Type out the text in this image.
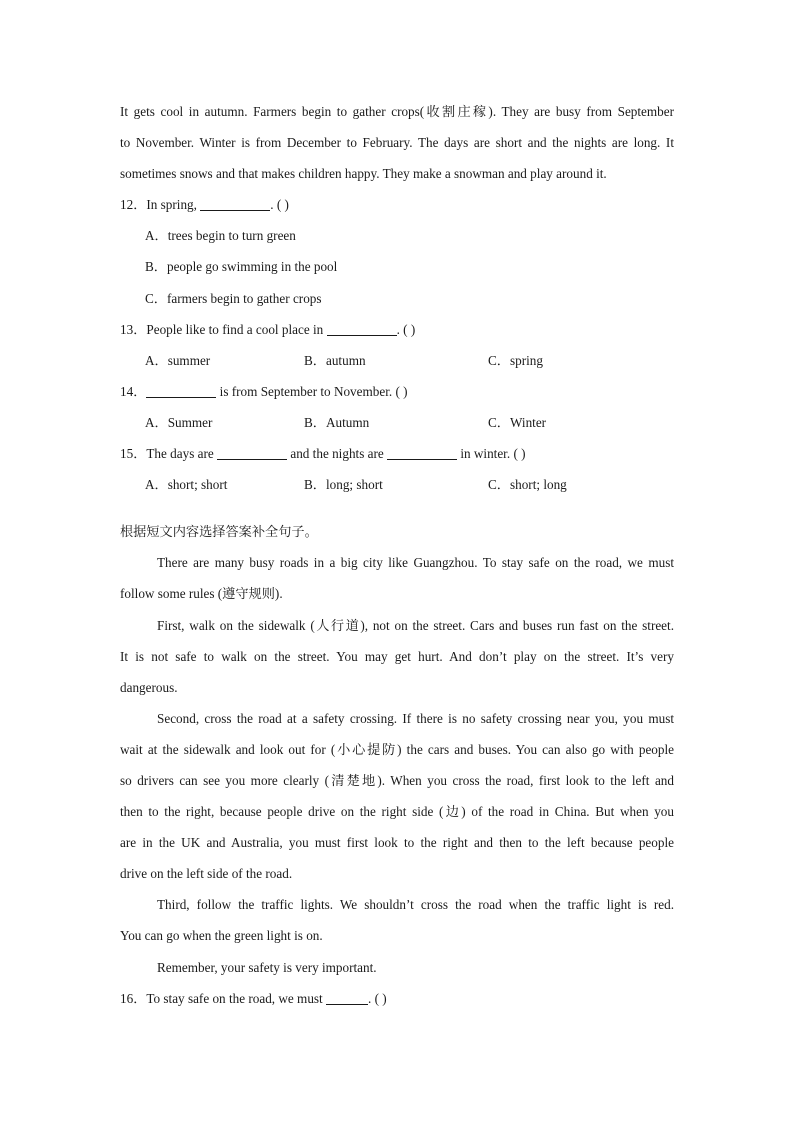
It gets cool in autumn. Farmers begin to gather crops(收割庄稼). They are busy from September
to November. Winter is from December to February. The days are short and the nights are long. It
sometimes snows and that makes children happy. They make a snowman and play around it.
12．In spring,	. ( )
A．trees begin to turn green
B．people go swimming in the pool
C．farmers begin to gather crops
13．People like to find a cool place in	. ( )
A．summer	B．autumn	C．spring
14．	is from September to November. ( )
A．Summer	B．Autumn	C．Winter
15．The days are	and the nights are	in winter. ( )
A．short; short	B．long; short	C．short; long
根据短文内容选择答案补全句子。
There are many busy roads in a big city like Guangzhou. To stay safe on the road, we must
follow some rules (遵守规则).
First, walk on the sidewalk (人行道), not on the street. Cars and buses run fast on the street.
It is not safe to walk on the street. You may get hurt. And don’t play on the street. It’s very
dangerous.
Second, cross the road at a safety crossing. If there is no safety crossing near you, you must
wait at the sidewalk and look out for (小心提防) the cars and buses. You can also go with people
so drivers can see you more clearly (清楚地). When you cross the road, first look to the left and
then to the right, because people drive on the right side (边) of the road in China. But when you
are in the UK and Australia, you must first look to the right and then to the left because people
drive on the left side of the road.
Third, follow the traffic lights. We shouldn’t cross the road when the traffic light is red.
You can go when the green light is on.
Remember, your safety is very important.
16．To stay safe on the road, we must	. ( )
